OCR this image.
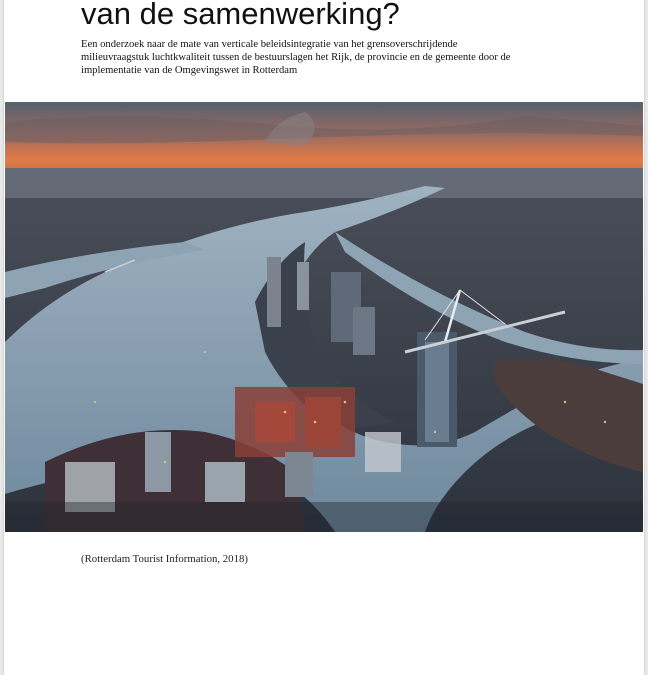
van de samenwerking?

Een onderzoek naar de mate van verticale beleidsintegratie van het grensoverschrijdende
milieuvraagstuk luchtkwaliteit tussen de bestuurslagen het Rijk, de provincie en de gemeente door de
implementatie van de Omgevingswet in Rotterdam

(Rotterdam Tourist Information, 2018)
